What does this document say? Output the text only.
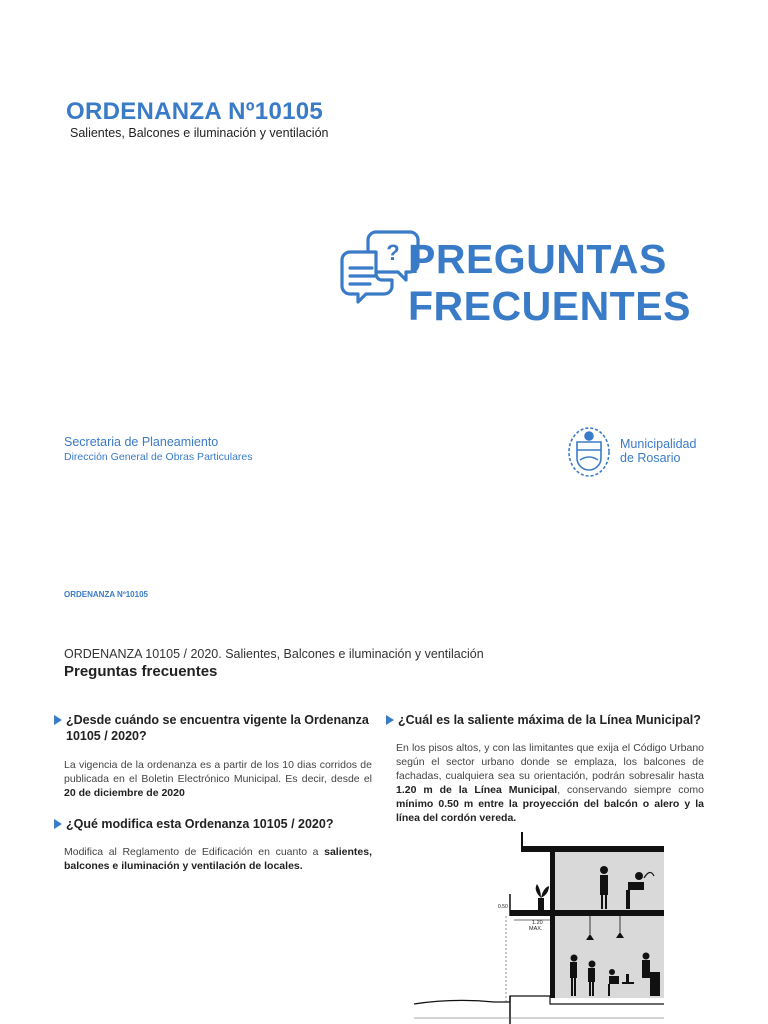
ORDENANZA Nº10105

Salientes, Balcones e iluminación y ventilación

? PREGUNTAS
FRECUENTES

Secretaria de Planeamiento

Dirección General de Obras Particulares

Municipalidad
de Rosario

ORDENANZA Nº10105

ORDENANZA 10105 / 2020. Salientes, Balcones e iluminación y ventilación

Preguntas frecuentes

¿Desde cuándo se encuentra vigente la Ordenanza 10105 / 2020?

La vigencia de la ordenanza es a partir de los 10 dias corridos de publicada en el Boletin Electrónico Municipal. Es decir, desde el 20 de diciembre de 2020

¿Qué modifica esta Ordenanza 10105 / 2020?

Modifica al Reglamento de Edificación en cuanto a salientes, balcones e iluminación y ventilación de locales.

¿Cuál es la saliente máxima de la Línea Municipal?

En los pisos altos, y con las limitantes que exija el Código Urbano según el sector urbano donde se emplaza, los balcones de fachadas, cualquiera sea su orientación, podrán sobresalir hasta 1.20 m de la Línea Municipal, conservando siempre como mínimo 0.50 m entre la proyección del balcón o alero y la línea del cordón vereda.

1.20
MAX.
0.50
